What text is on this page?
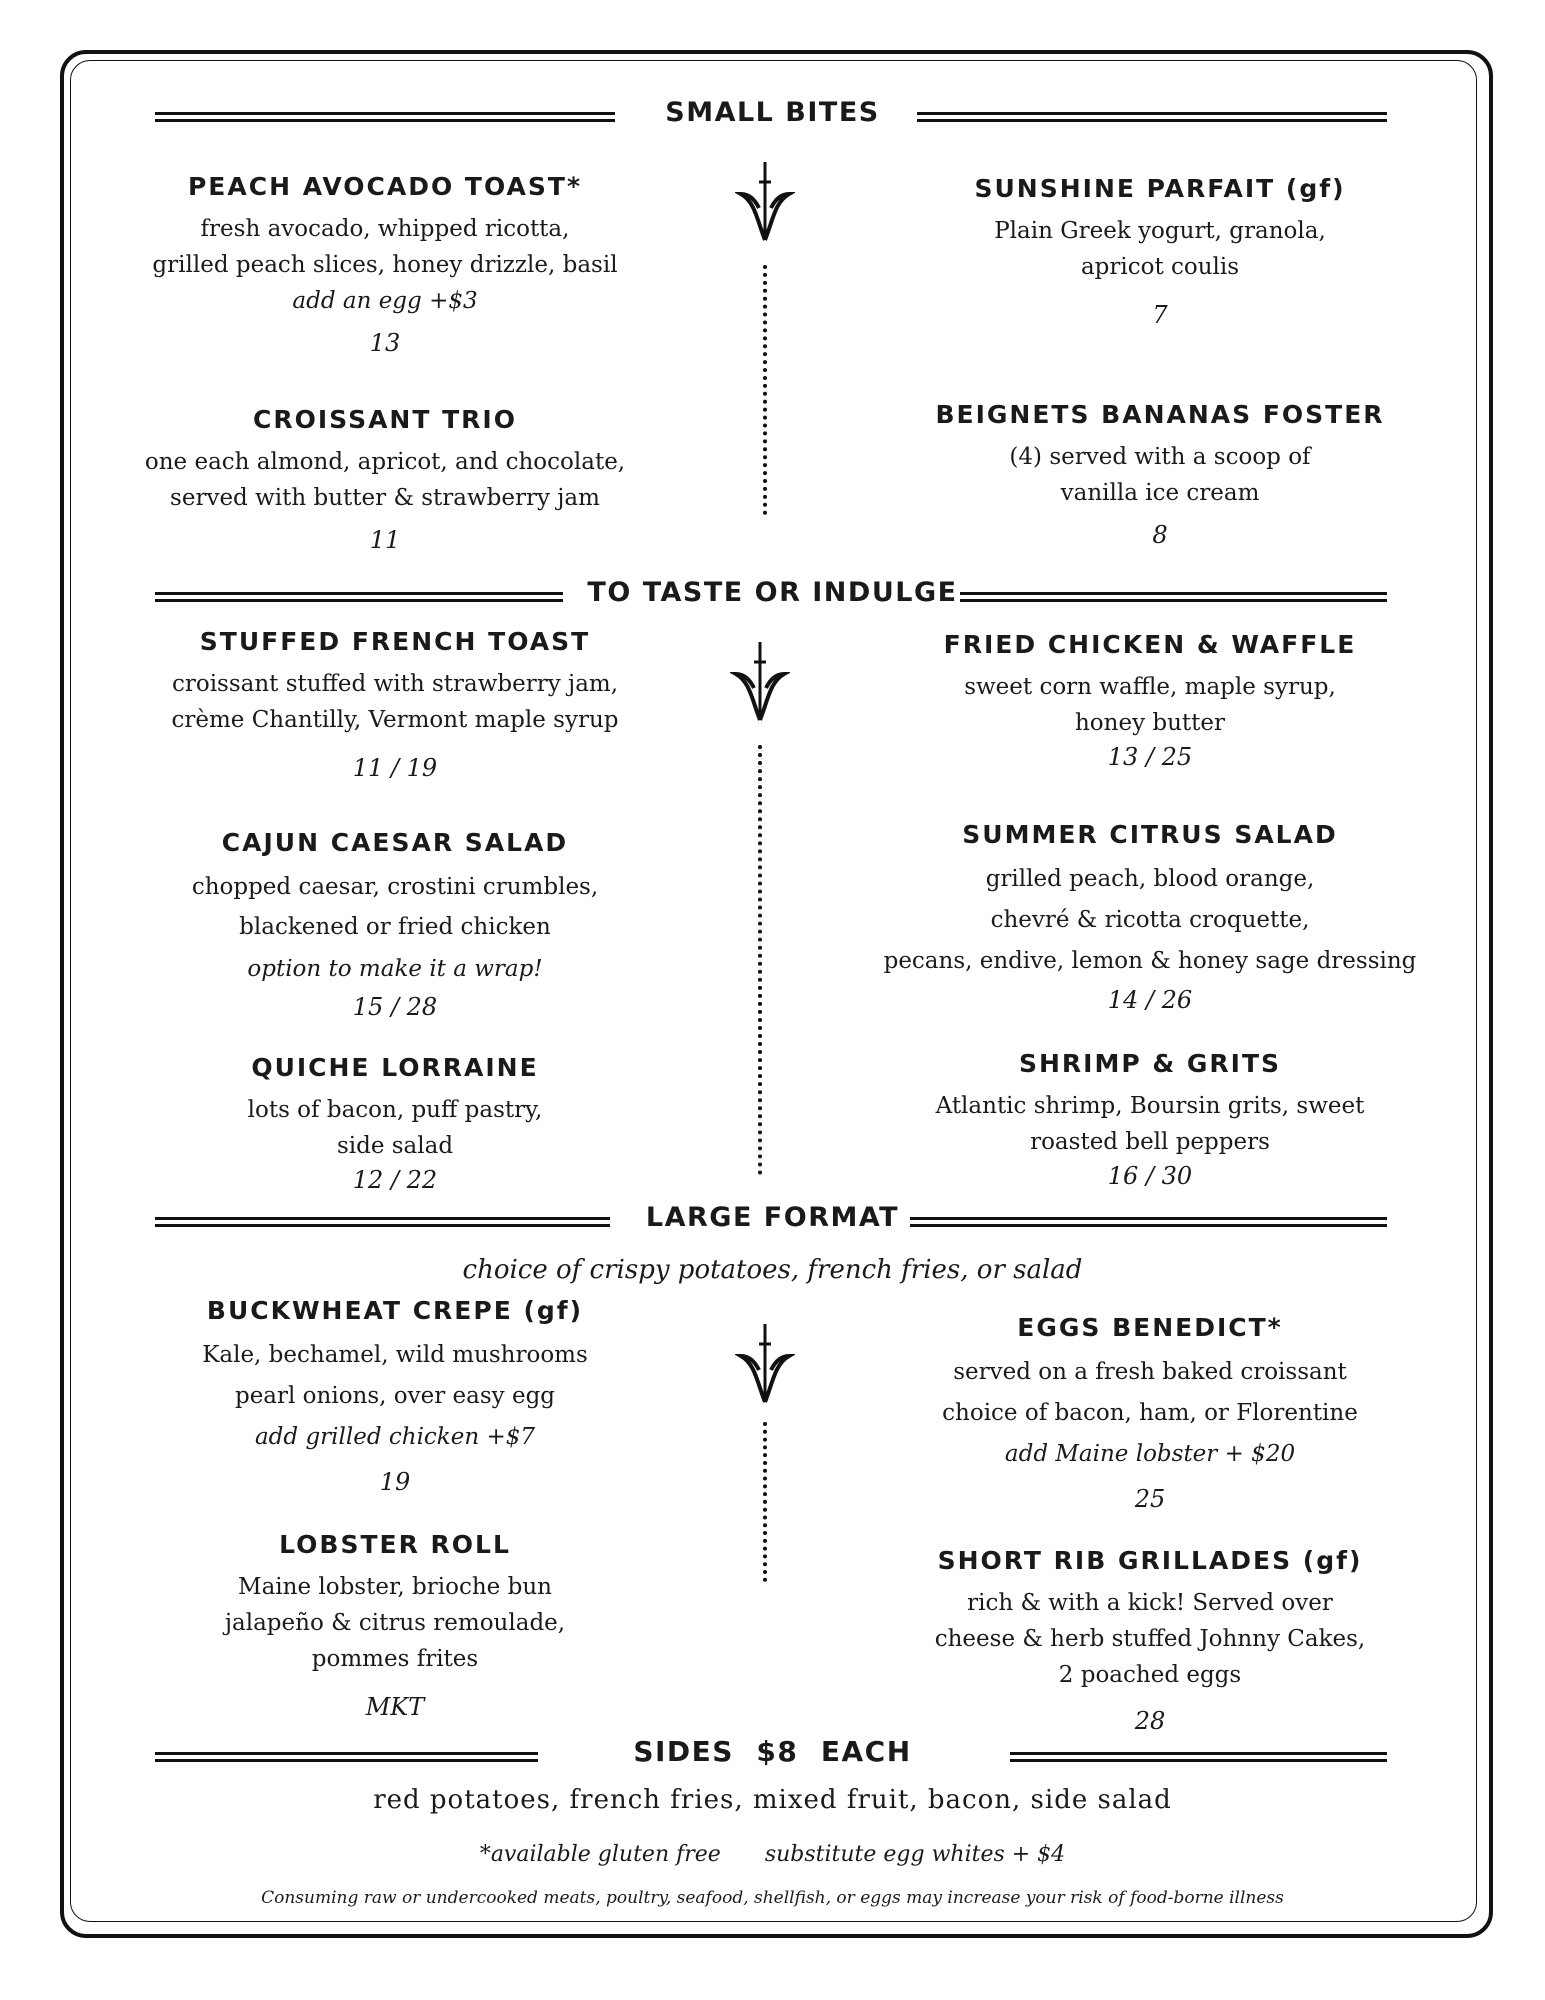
SMALL BITES
PEACH AVOCADO TOAST*
fresh avocado, whipped ricotta,
grilled peach slices, honey drizzle, basil
add an egg +$3
13
CROISSANT TRIO
one each almond, apricot, and chocolate,
served with butter & strawberry jam
11
SUNSHINE PARFAIT (gf)
Plain Greek yogurt, granola,
apricot coulis
7
BEIGNETS BANANAS FOSTER
(4) served with a scoop of
vanilla ice cream
8
TO TASTE OR INDULGE
STUFFED FRENCH TOAST
croissant stuffed with strawberry jam,
crème Chantilly, Vermont maple syrup
11 / 19
CAJUN CAESAR SALAD
chopped caesar, crostini crumbles,
blackened or fried chicken
option to make it a wrap!
15 / 28
QUICHE LORRAINE
lots of bacon, puff pastry,
side salad
12 / 22
FRIED CHICKEN & WAFFLE
sweet corn waffle, maple syrup,
honey butter
13 / 25
SUMMER CITRUS SALAD
grilled peach, blood orange,
chevré & ricotta croquette,
pecans, endive, lemon & honey sage dressing
14 / 26
SHRIMP & GRITS
Atlantic shrimp, Boursin grits, sweet
roasted bell peppers
16 / 30
LARGE FORMAT
choice of crispy potatoes, french fries, or salad
BUCKWHEAT CREPE (gf)
Kale, bechamel, wild mushrooms
pearl onions, over easy egg
add grilled chicken +$7
19
LOBSTER ROLL
Maine lobster, brioche bun
jalapeño & citrus remoulade,
pommes frites
MKT
EGGS BENEDICT*
served on a fresh baked croissant
choice of bacon, ham, or Florentine
add Maine lobster + $20
25
SHORT RIB GRILLADES (gf)
rich & with a kick! Served over
cheese & herb stuffed Johnny Cakes,
2 poached eggs
28
SIDES  $8  EACH
red potatoes, french fries, mixed fruit, bacon, side salad
*available gluten free substitute egg whites + $4
Consuming raw or undercooked meats, poultry, seafood, shellfish, or eggs may increase your risk of food-borne illness
